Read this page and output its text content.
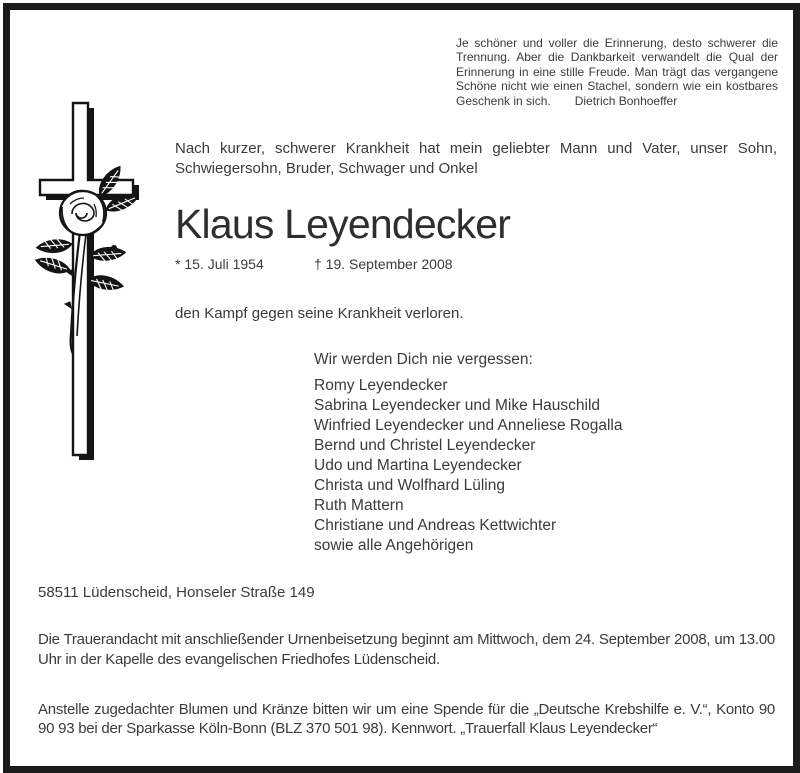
Je schöner und voller die Erinnerung, desto schwerer die Trennung. Aber die Dankbarkeit verwandelt die Qual der Erinnerung in eine stille Freude. Man trägt das vergangene Schöne nicht wie einen Stachel, sondern wie ein kostbares Geschenk in sich. Dietrich Bonhoeffer

Nach kurzer, schwerer Krankheit hat mein geliebter Mann und Vater, unser Sohn, Schwiegersohn, Bruder, Schwager und Onkel

Klaus Leyendecker

* 15. Juli 1954	† 19. September 2008

den Kampf gegen seine Krankheit verloren.

Wir werden Dich nie vergessen:

Romy Leyendecker

Sabrina Leyendecker und Mike Hauschild

Winfried Leyendecker und Anneliese Rogalla

Bernd und Christel Leyendecker

Udo und Martina Leyendecker

Christa und Wolfhard Lüling

Ruth Mattern

Christiane und Andreas Kettwichter

sowie alle Angehörigen

58511 Lüdenscheid, Honseler Straße 149

Die Trauerandacht mit anschließender Urnenbeisetzung beginnt am Mittwoch, dem 24. September 2008, um 13.00 Uhr in der Kapelle des evangelischen Friedhofes Lüdenscheid.

Anstelle zugedachter Blumen und Kränze bitten wir um eine Spende für die „Deutsche Krebshilfe e. V.“, Konto 90 90 93 bei der Sparkasse Köln-Bonn (BLZ 370 501 98). Kennwort. „Trauerfall Klaus Leyendecker“
